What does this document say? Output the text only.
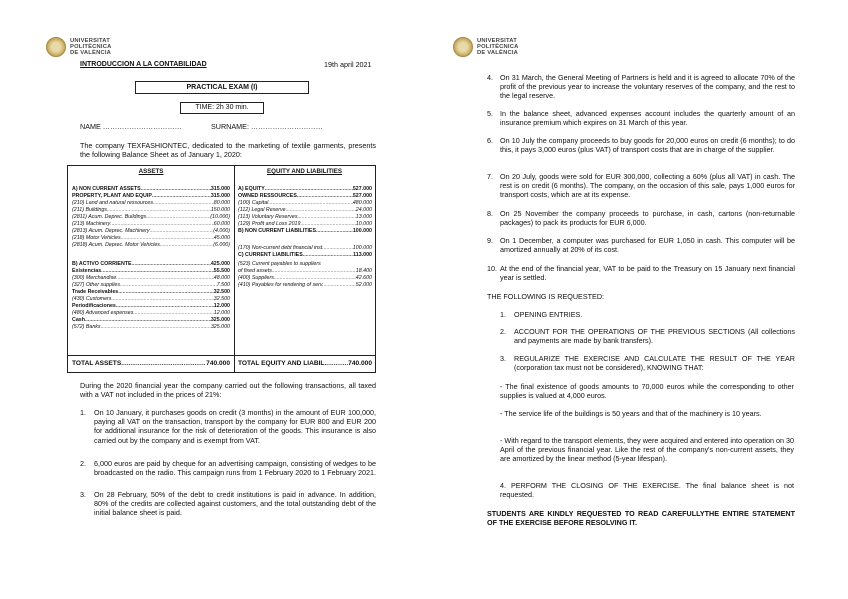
UNIVERSITAT
POLITÈCNICA
DE VALÈNCIA
INTRODUCCION A LA CONTABILIDAD	19th april 2021
PRACTICAL EXAM (I)
TIME: 2h 30 min.
NAME ……………………………	SURNAME: …………………………
The company TEXFASHIONTEC, dedicated to the marketing of textile garments, presents the following Balance Sheet as of January 1, 2020:
ASSETS
A) NON CURRENT ASSETS .....	315.000
PROPERTY, PLANT AND EQUIP .....	315.000
(210) Land and natural ressources .....	80.000
(211) Buildings .....	150.000
(2811) Acum. Deprec. Buildings .....	(10.000)
(213) Machinery .....	60.000
(2813) Acum. Deprec. Machinery .....	(4.000)
(218) Motor Vehicles .....	45.000
(2818) Acum. Deprec. Motor Vehicles .....	(6.000)
B) ACTIVO CORRIENTE .....	425.000
Existencias .....	55.500
(300) Merchandise .....	48.000
(327) Other supplies .....	7.500
Trade Receivables .....	32.500
(430) Customers .....	32.500
Periodificaciones .....	12.000
(480) Advanced expenses .....	12.000
Cash .....	325.000
(572) Banks .....	325.000
EQUITY AND LIABILITIES
A) EQUITY .....	527.000
OWNED RESSOURCES .....	527.000
(100) Capital .....	480.000
(112) Legal Reserve .....	24.000
(113) Voluntary Reserves .....	13.000
(129) Profit and Loss 2019 .....	10.000
B) NON CURRENT LIABILITIES .....	100.000
(170) Non-current debt financial inst. .....	100.000
C) CURRENT LIABILITIES .....	113.000
(523) Current payables to suppliers
of fixed assets .....	18.400
(400) Suppliers .....	42.600
(410) Payables for rendering of serv. .....	52.000
TOTAL ASSETS .....	740.000 TOTAL EQUITY AND LIABIL. .....	740.000
During the 2020 financial year the company carried out the following transactions, all taxed with a VAT not included in the prices of 21%:
1.	On 10 January, it purchases goods on credit (3 months) in the amount of EUR 100,000, paying all VAT on the transaction, transport by the company for EUR 800 and EUR 200 for additional insurance for the risk of deterioration of the goods. This insurance is also carried out by the company and is exempt from VAT.
2.	6,000 euros are paid by cheque for an advertising campaign, consisting of wedges to be broadcasted on the radio. This campaign runs from 1 February 2020 to 1 February 2021.
3.	On 28 February, 50% of the debt to credit institutions is paid in advance. In addition, 80% of the credits are collected against customers, and the total outstanding debt of the initial balance sheet is paid.
UNIVERSITAT
POLITÈCNICA
DE VALÈNCIA
4. On 31 March, the General Meeting of Partners is held and it is agreed to allocate 70% of the profit of the previous year to increase the voluntary reserves of the company, and the rest to the legal reserve.
5. In the balance sheet, advanced expenses account includes the quarterly amount of an insurance premium which expires on 31 March of this year.
6. On 10 July the company proceeds to buy goods for 20,000 euros on credit (6 months); to do this, it pays 3,000 euros (plus VAT) of transport costs that are in charge of the supplier.
7. On 20 July, goods were sold for EUR 300,000, collecting a 60% (plus all VAT) in cash. The rest is on credit (6 months). The company, on the occasion of this sale, pays 1,000 euros for transport costs, which are at its expense.
8. On 25 November the company proceeds to purchase, in cash, cartons (non-returnable packages) to pack its products for EUR 6,000.
9. On 1 December, a computer was purchased for EUR 1,050 in cash. This computer will be amortized annually at 20% of its cost.
10. At the end of the financial year, VAT to be paid to the Treasury on 15 January next financial year is settled.
THE FOLLOWING IS REQUESTED:
1.	OPENING ENTRIES.
2.	ACCOUNT FOR THE OPERATIONS OF THE PREVIOUS SECTIONS (All collections and payments are made by bank transfers).
3.	REGULARIZE THE EXERCISE AND CALCULATE THE RESULT OF THE YEAR (corporation tax must not be considered), KNOWING THAT:
- The final existence of goods amounts to 70,000 euros while the corresponding to other supplies is valued at 4,000 euros.
- The service life of the buildings is 50 years and that of the machinery is 10 years.
- With regard to the transport elements, they were acquired and entered into operation on 30 April of the previous financial year. Like the rest of the company's non-current assets, they are amortized by the linear method (5-year lifespan).
4. PERFORM THE CLOSING OF THE EXERCISE. The final balance sheet is not requested.
STUDENTS ARE KINDLY REQUESTED TO READ CAREFULLYTHE ENTIRE STATEMENT OF THE EXERCISE BEFORE RESOLVING IT.
